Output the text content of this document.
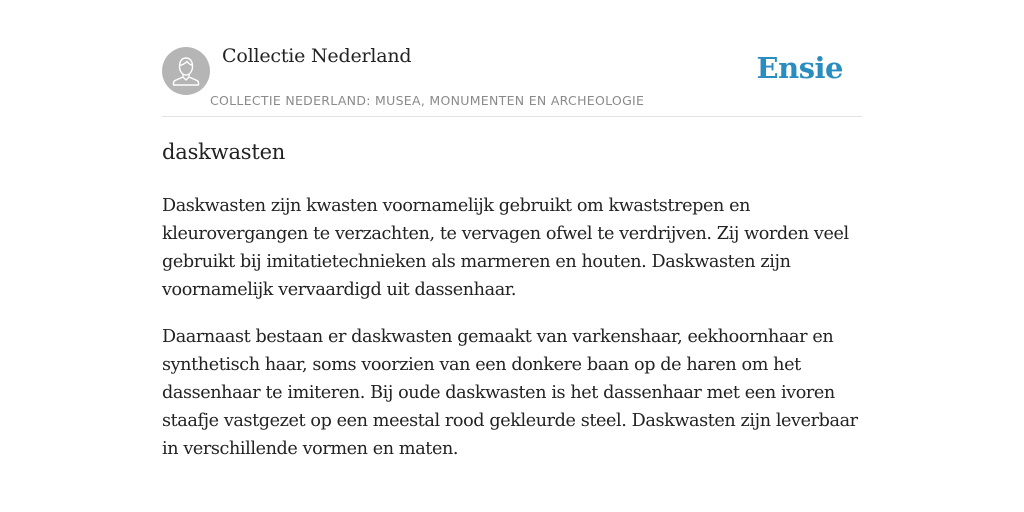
Collectie Nederland
COLLECTIE NEDERLAND: MUSEA, MONUMENTEN EN ARCHEOLOGIE
Ensie
daskwasten

Daskwasten zijn kwasten voornamelijk gebruikt om kwaststrepen en kleurovergangen te verzachten, te vervagen ofwel te verdrijven. Zij worden veel gebruikt bij imitatietechnieken als marmeren en houten. Daskwasten zijn voornamelijk vervaardigd uit dassenhaar.

Daarnaast bestaan er daskwasten gemaakt van varkenshaar, eekhoornhaar en synthetisch haar, soms voorzien van een donkere baan op de haren om het dassenhaar te imiteren. Bij oude daskwasten is het dassenhaar met een ivoren staafje vastgezet op een meestal rood gekleurde steel. Daskwasten zijn leverbaar in verschillende vormen en maten.
